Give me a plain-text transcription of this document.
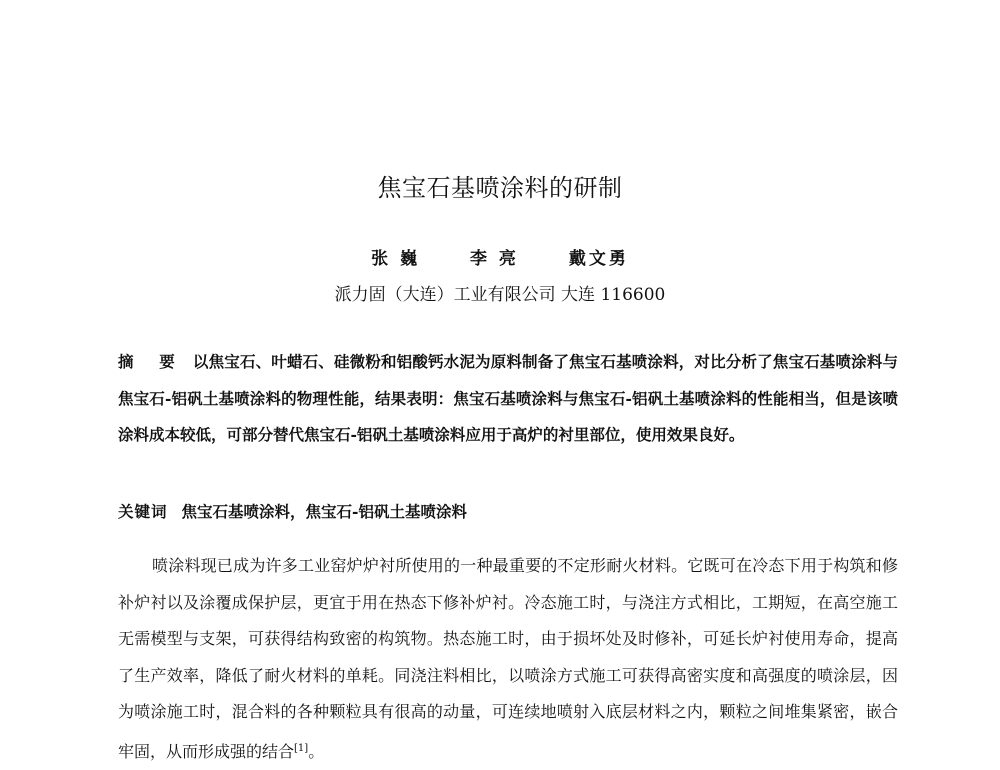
焦宝石基喷涂料的研制
张 巍	李 亮	戴文勇
派力固（大连）工业有限公司 大连 116600
摘 要 以焦宝石、叶蜡石、硅微粉和铝酸钙水泥为原料制备了焦宝石基喷涂料，对比分析了焦宝石基喷涂料与焦宝石-铝矾土基喷涂料的物理性能，结果表明：焦宝石基喷涂料与焦宝石-铝矾土基喷涂料的性能相当，但是该喷涂料成本较低，可部分替代焦宝石-铝矾土基喷涂料应用于高炉的衬里部位，使用效果良好。
关键词 焦宝石基喷涂料，焦宝石-铝矾土基喷涂料
喷涂料现已成为许多工业窑炉炉衬所使用的一种最重要的不定形耐火材料。它既可在冷态下用于构筑和修补炉衬以及涂覆成保护层，更宜于用在热态下修补炉衬。冷态施工时，与浇注方式相比，工期短，在高空施工无需模型与支架，可获得结构致密的构筑物。热态施工时，由于损坏处及时修补，可延长炉衬使用寿命，提高了生产效率，降低了耐火材料的单耗。同浇注料相比，以喷涂方式施工可获得高密实度和高强度的喷涂层，因为喷涂施工时，混合料的各种颗粒具有很高的动量，可连续地喷射入底层材料之内，颗粒之间堆集紧密，嵌合牢固，从而形成强的结合[1]。
